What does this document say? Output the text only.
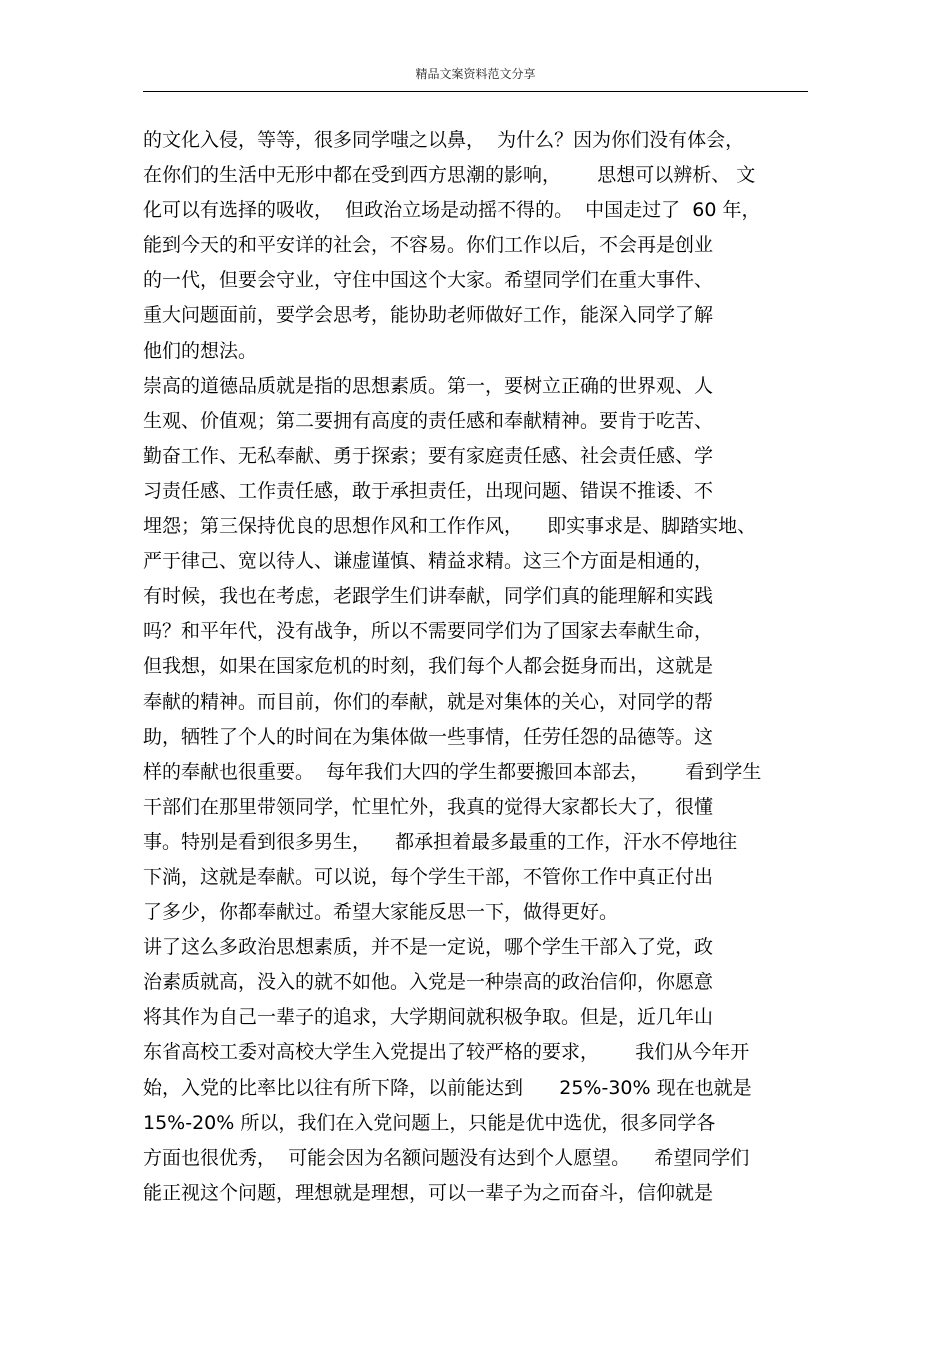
精品文案资料范文分享
的文化入侵，等等，很多同学嗤之以鼻，  为什么？因为你们没有体会，
在你们的生活中无形中都在受到西方思潮的影响，      思想可以辨析、 文
化可以有选择的吸收，  但政治立场是动摇不得的。  中国走过了  60 年，
能到今天的和平安详的社会，不容易。你们工作以后，不会再是创业
的一代，但要会守业，守住中国这个大家。希望同学们在重大事件、
重大问题面前，要学会思考，能协助老师做好工作，能深入同学了解
他们的想法。
崇高的道德品质就是指的思想素质。第一，要树立正确的世界观、人
生观、价值观；第二要拥有高度的责任感和奉献精神。要肯于吃苦、
勤奋工作、无私奉献、勇于探索；要有家庭责任感、社会责任感、学
习责任感、工作责任感，敢于承担责任，出现问题、错误不推诿、不
埋怨；第三保持优良的思想作风和工作作风，    即实事求是、脚踏实地、
严于律己、宽以待人、谦虚谨慎、精益求精。这三个方面是相通的，
有时候，我也在考虑，老跟学生们讲奉献，同学们真的能理解和实践
吗？和平年代，没有战争，所以不需要同学们为了国家去奉献生命，
但我想，如果在国家危机的时刻，我们每个人都会挺身而出，这就是
奉献的精神。而目前，你们的奉献，就是对集体的关心，对同学的帮
助，牺牲了个人的时间在为集体做一些事情，任劳任怨的品德等。这
样的奉献也很重要。  每年我们大四的学生都要搬回本部去，      看到学生
干部们在那里带领同学，忙里忙外，我真的觉得大家都长大了，很懂
事。特别是看到很多男生，    都承担着最多最重的工作，汗水不停地往
下淌，这就是奉献。可以说，每个学生干部，不管你工作中真正付出
了多少，你都奉献过。希望大家能反思一下，做得更好。
讲了这么多政治思想素质，并不是一定说，哪个学生干部入了党，政
治素质就高，没入的就不如他。入党是一种崇高的政治信仰，你愿意
将其作为自己一辈子的追求，大学期间就积极争取。但是，近几年山
东省高校工委对高校大学生入党提出了较严格的要求，      我们从今年开
始，入党的比率比以往有所下降，以前能达到      25%-30% 现在也就是
15%-20% 所以，我们在入党问题上，只能是优中选优，很多同学各
方面也很优秀，  可能会因为名额问题没有达到个人愿望。    希望同学们
能正视这个问题，理想就是理想，可以一辈子为之而奋斗，信仰就是
